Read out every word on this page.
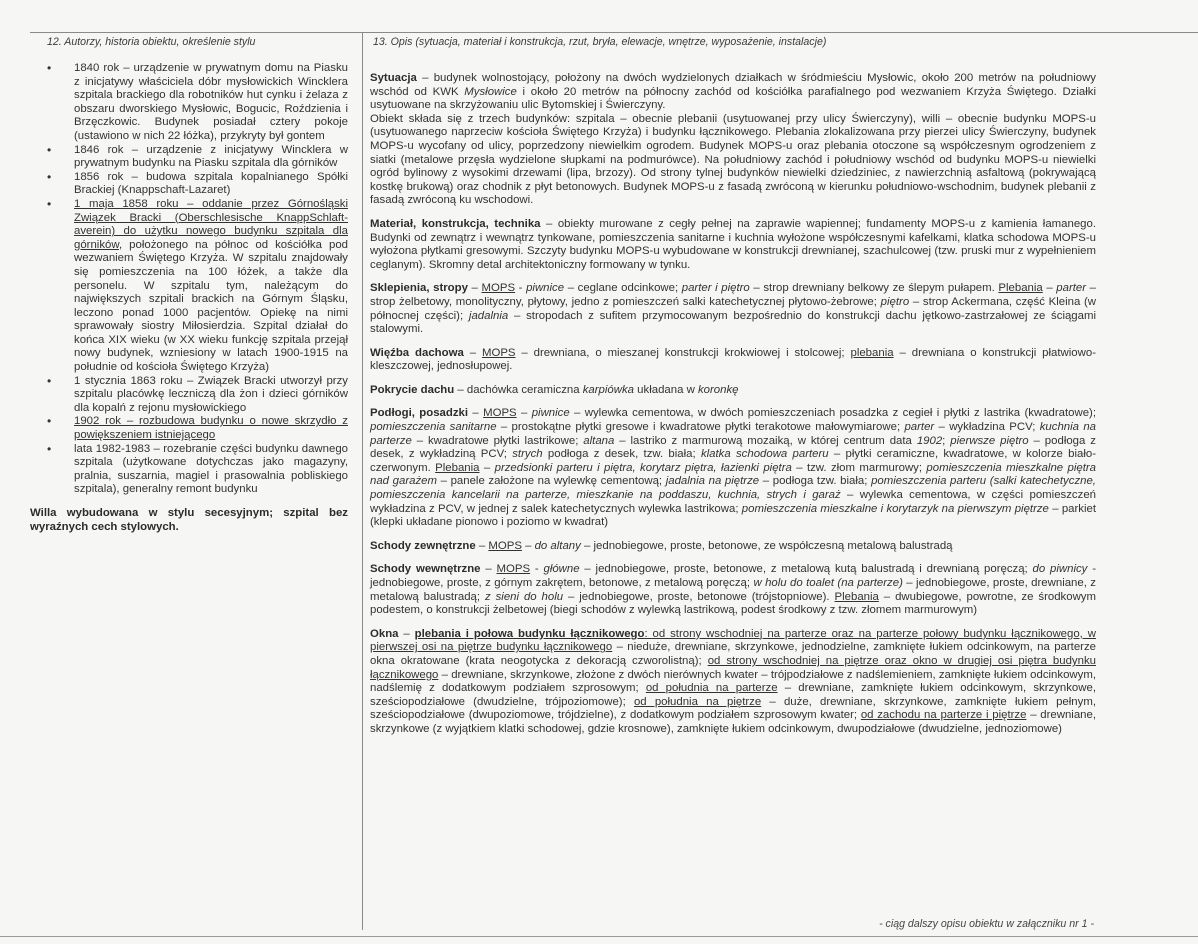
12. Autorzy, historia obiektu, określenie stylu	13. Opis (sytuacja, materiał i konstrukcja, rzut, bryła, elewacje, wnętrze, wyposażenie, instalacje)
• 1840 rok – urządzenie w prywatnym domu na Piasku z inicjatywy właściciela dóbr mysłowickich Wincklera szpitala brackiego dla robotników hut cynku i żelaza z obszaru dworskiego Mysłowic, Bogucic, Roździenia i Brzęczkowic. Budynek posiadał cztery pokoje (ustawiono w nich 22 łóżka), przykryty był gontem
• 1846 rok – urządzenie z inicjatywy Wincklera w prywatnym budynku na Piasku szpitala dla górników
• 1856 rok – budowa szpitala kopalnianego Spółki Brackiej (Knappschaft-Lazaret)
• 1 maja 1858 roku – oddanie przez Górnośląski Związek Bracki (Oberschlesische KnappSchlaft-averein) do użytku nowego budynku szpitala dla górników, położonego na północ od kościółka pod wezwaniem Świętego Krzyża. W szpitalu znajdowały się pomieszczenia na 100 łóżek, a także dla personelu. W szpitalu tym, należącym do największych szpitali brackich na Górnym Śląsku, leczono ponad 1000 pacjentów. Opiekę na nimi sprawowały siostry Miłosierdzia. Szpital działał do końca XIX wieku (w XX wieku funkcję szpitala przejął nowy budynek, wzniesiony w latach 1900-1915 na południe od kościoła Świętego Krzyża)
• 1 stycznia 1863 roku – Związek Bracki utworzył przy szpitalu placówkę leczniczą dla żon i dzieci górników dla kopalń z rejonu mysłowickiego
• 1902 rok – rozbudowa budynku o nowe skrzydło z powiększeniem istniejącego
• lata 1982-1983 – rozebranie części budynku dawnego szpitala (użytkowane dotychczas jako magazyny, pralnia, suszarnia, magiel i prasowalnia pobliskiego szpitala), generalny remont budynku
Willa wybudowana w stylu secesyjnym; szpital bez wyraźnych cech stylowych.

Sytuacja – budynek wolnostojący, położony na dwóch wydzielonych działkach w śródmieściu Mysłowic, około 200 metrów na południowy wschód od KWK Mysłowice i około 20 metrów na północny zachód od kościółka parafialnego pod wezwaniem Krzyża Świętego. Działki usytuowane na skrzyżowaniu ulic Bytomskiej i Świerczyny.

Obiekt składa się z trzech budynków: szpitala – obecnie plebanii (usytuowanej przy ulicy Świerczyny), willi – obecnie budynku MOPS-u (usytuowanego naprzeciw kościoła Świętego Krzyża) i budynku łącznikowego. Plebania zlokalizowana przy pierzei ulicy Świerczyny, budynek MOPS-u wycofany od ulicy, poprzedzony niewielkim ogrodem. Budynek MOPS-u oraz plebania otoczone są współczesnym ogrodzeniem z siatki (metalowe przęsła wydzielone słupkami na podmurówce). Na południowy zachód i południowy wschód od budynku MOPS-u niewielki ogród bylinowy z wysokimi drzewami (lipa, brzozy). Od strony tylnej budynków niewielki dziedziniec, z nawierzchnią asfaltową (pokrywającą kostkę brukową) oraz chodnik z płyt betonowych. Budynek MOPS-u z fasadą zwróconą w kierunku południowo-wschodnim, budynek plebanii z fasadą zwróconą ku wschodowi.

Materiał, konstrukcja, technika – obiekty murowane z cegły pełnej na zaprawie wapiennej; fundamenty MOPS-u z kamienia łamanego. Budynki od zewnątrz i wewnątrz tynkowane, pomieszczenia sanitarne i kuchnia wyłożone współczesnymi kafelkami, klatka schodowa MOPS-u wyłożona płytkami gresowymi. Szczyty budynku MOPS-u wybudowane w konstrukcji drewnianej, szachulcowej (tzw. pruski mur z wypełnieniem ceglanym). Skromny detal architektoniczny formowany w tynku.

Sklepienia, stropy – MOPS - piwnice – ceglane odcinkowe; parter i piętro – strop drewniany belkowy ze ślepym pułapem. Plebania – parter – strop żelbetowy, monolityczny, płytowy, jedno z pomieszczeń salki katechetycznej płytowo-żebrowe; piętro – strop Ackermana, część Kleina (w północnej części); jadalnia – stropodach z sufitem przymocowanym bezpośrednio do konstrukcji dachu jętkowo-zastrzałowej ze ściągami stalowymi.

Więźba dachowa – MOPS – drewniana, o mieszanej konstrukcji krokwiowej i stolcowej; plebania – drewniana o konstrukcji płatwiowo-kleszczowej, jednosłupowej.

Pokrycie dachu – dachówka ceramiczna karpiówka układana w koronkę

Podłogi, posadzki – MOPS – piwnice – wylewka cementowa, w dwóch pomieszczeniach posadzka z cegieł i płytki z lastrika (kwadratowe); pomieszczenia sanitarne – prostokątne płytki gresowe i kwadratowe płytki terakotowe małowymiarowe; parter – wykładzina PCV; kuchnia na parterze – kwadratowe płytki lastrikowe; altana – lastriko z marmurową mozaiką, w której centrum data 1902; pierwsze piętro – podłoga z desek, z wykładziną PCV; strych podłoga z desek, tzw. biała; klatka schodowa parteru – płytki ceramiczne, kwadratowe, w kolorze biało-czerwonym. Plebania – przedsionki parteru i piętra, korytarz piętra, łazienki piętra – tzw. złom marmurowy; pomieszczenia mieszkalne piętra nad garażem – panele założone na wylewkę cementową; jadalnia na piętrze – podłoga tzw. biała; pomieszczenia parteru (salki katechetyczne, pomieszczenia kancelarii na parterze, mieszkanie na poddaszu, kuchnia, strych i garaż – wylewka cementowa, w części pomieszczeń wykładzina z PCV, w jednej z salek katechetycznych wylewka lastrikowa; pomieszczenia mieszkalne i korytarzyk na pierwszym piętrze – parkiet (klepki układane pionowo i poziomo w kwadrat)

Schody zewnętrzne – MOPS – do altany – jednobiegowe, proste, betonowe, ze współczesną metalową balustradą

Schody wewnętrzne – MOPS - główne – jednobiegowe, proste, betonowe, z metalową kutą balustradą i drewnianą poręczą; do piwnicy - jednobiegowe, proste, z górnym zakrętem, betonowe, z metalową poręczą; w holu do toalet (na parterze) – jednobiegowe, proste, drewniane, z metalową balustradą; z sieni do holu – jednobiegowe, proste, betonowe (trójstopniowe). Plebania – dwubiegowe, powrotne, ze środkowym podestem, o konstrukcji żelbetowej (biegi schodów z wylewką lastrikową, podest środkowy z tzw. złomem marmurowym)

Okna – plebania i połowa budynku łącznikowego: od strony wschodniej na parterze oraz na parterze połowy budynku łącznikowego, w pierwszej osi na piętrze budynku łącznikowego – nieduże, drewniane, skrzynkowe, jednodzielne, zamknięte łukiem odcinkowym, na parterze okna okratowane (krata neogotycka z dekoracją czworolistną); od strony wschodniej na piętrze oraz okno w drugiej osi piętra budynku łącznikowego – drewniane, skrzynkowe, złożone z dwóch nierównych kwater – trójpodziałowe z nadślemieniem, zamknięte łukiem odcinkowym, nadślemię z dodatkowym podziałem szprosowym; od południa na parterze – drewniane, zamknięte łukiem odcinkowym, skrzynkowe, sześciopodziałowe (dwudzielne, trójpoziomowe); od południa na piętrze – duże, drewniane, skrzynkowe, zamknięte łukiem pełnym, sześciopodziałowe (dwupoziomowe, trójdzielne), z dodatkowym podziałem szprosowym kwater; od zachodu na parterze i piętrze – drewniane, skrzynkowe (z wyjątkiem klatki schodowej, gdzie krosnowe), zamknięte łukiem odcinkowym, dwupodziałowe (dwudzielne, jednoziomowe)

- ciąg dalszy opisu obiektu w załączniku nr 1 -
